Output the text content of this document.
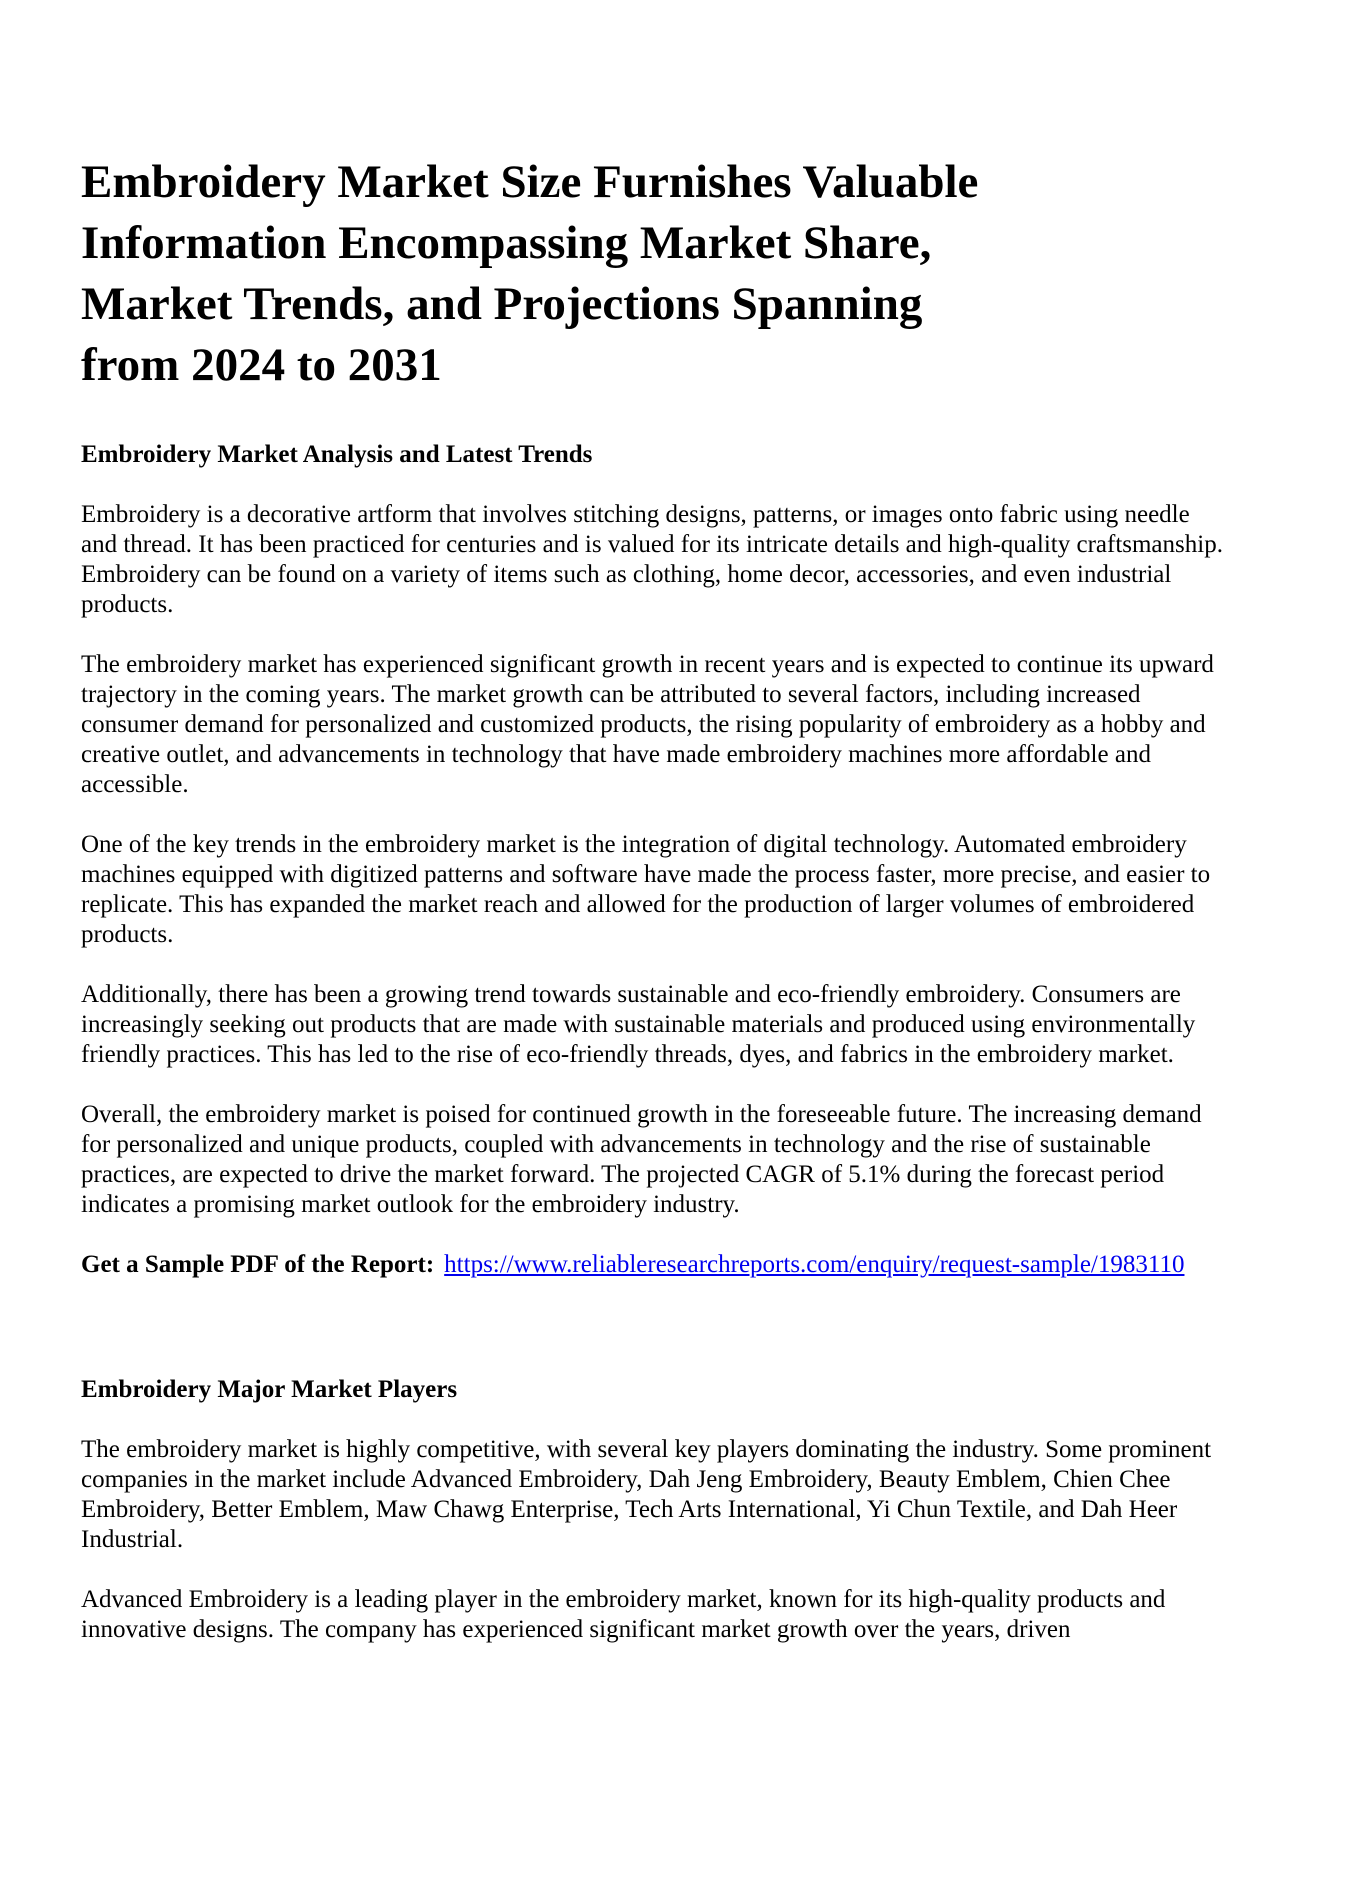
Embroidery Market Size Furnishes Valuable Information Encompassing Market Share, Market Trends, and Projections Spanning from 2024 to 2031
Embroidery Market Analysis and Latest Trends

Embroidery is a decorative artform that involves stitching designs, patterns, or images onto fabric using needle and thread. It has been practiced for centuries and is valued for its intricate details and high-quality craftsmanship. Embroidery can be found on a variety of items such as clothing, home decor, accessories, and even industrial products.

The embroidery market has experienced significant growth in recent years and is expected to continue its upward trajectory in the coming years. The market growth can be attributed to several factors, including increased consumer demand for personalized and customized products, the rising popularity of embroidery as a hobby and creative outlet, and advancements in technology that have made embroidery machines more affordable and accessible.

One of the key trends in the embroidery market is the integration of digital technology. Automated embroidery machines equipped with digitized patterns and software have made the process faster, more precise, and easier to replicate. This has expanded the market reach and allowed for the production of larger volumes of embroidered products.

Additionally, there has been a growing trend towards sustainable and eco-friendly embroidery. Consumers are increasingly seeking out products that are made with sustainable materials and produced using environmentally friendly practices. This has led to the rise of eco-friendly threads, dyes, and fabrics in the embroidery market.

Overall, the embroidery market is poised for continued growth in the foreseeable future. The increasing demand for personalized and unique products, coupled with advancements in technology and the rise of sustainable practices, are expected to drive the market forward. The projected CAGR of 5.1% during the forecast period indicates a promising market outlook for the embroidery industry.

Get a Sample PDF of the Report: https://www.reliableresearchreports.com/enquiry/request-sample/1983110

Embroidery Major Market Players

The embroidery market is highly competitive, with several key players dominating the industry. Some prominent companies in the market include Advanced Embroidery, Dah Jeng Embroidery, Beauty Emblem, Chien Chee Embroidery, Better Emblem, Maw Chawg Enterprise, Tech Arts International, Yi Chun Textile, and Dah Heer Industrial.

Advanced Embroidery is a leading player in the embroidery market, known for its high-quality products and innovative designs. The company has experienced significant market growth over the years, driven
